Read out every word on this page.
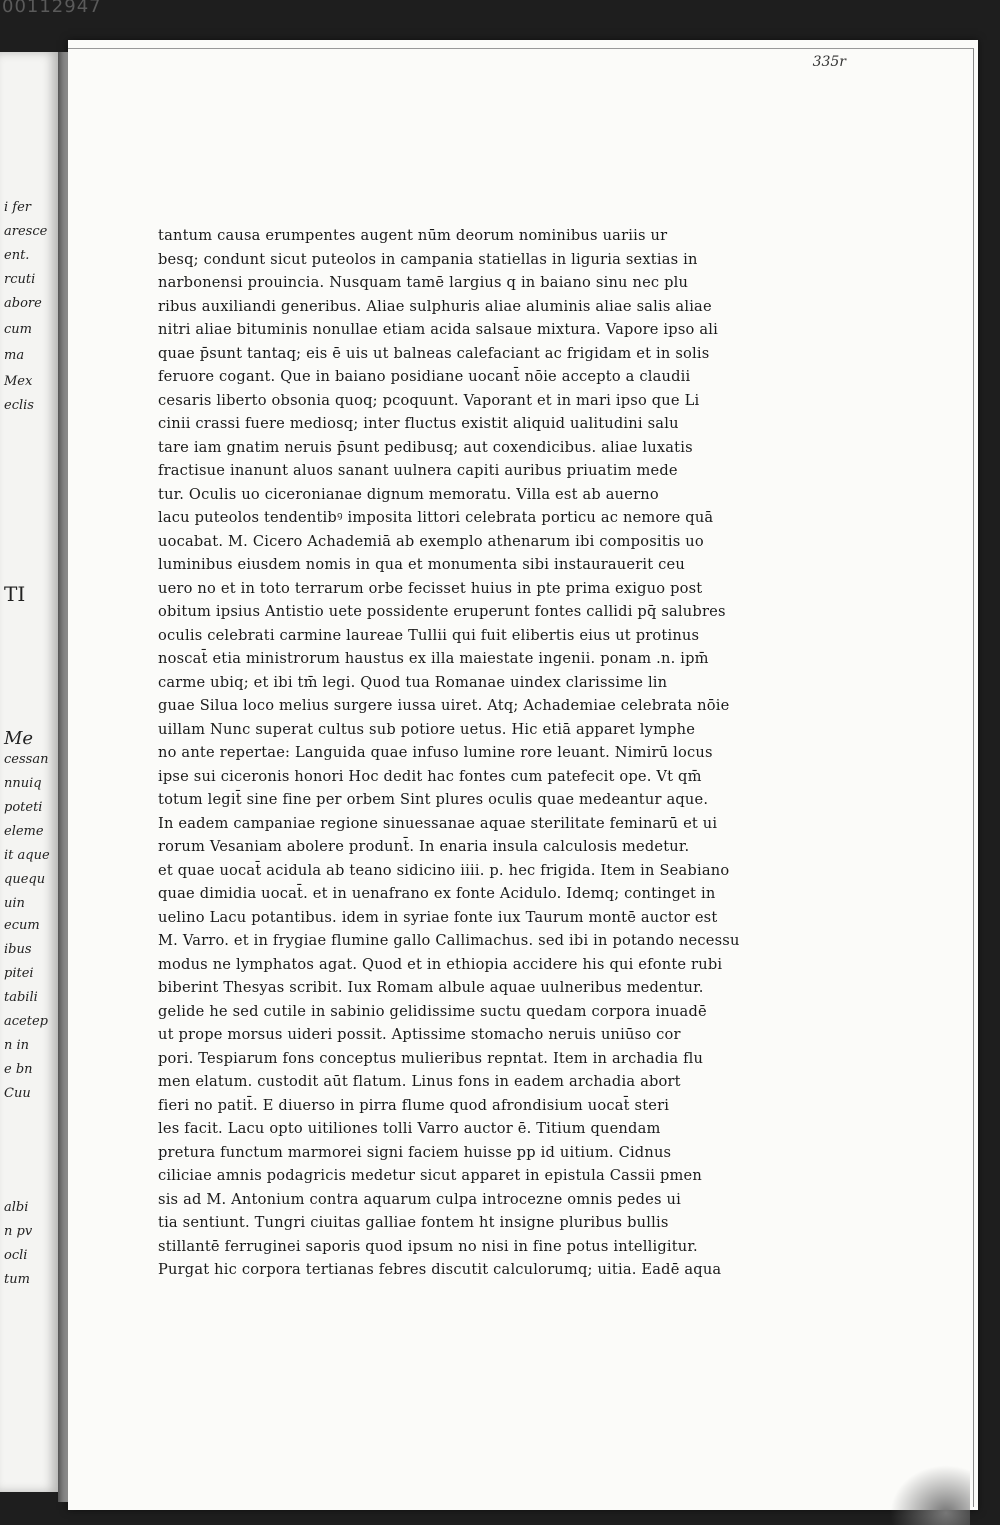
i fer
aresce
ent.
rcuti
abore
cum
ma
Mex
eclis
TI
Me
cessan
nnuiq
poteti
eleme
it aque
quequ
uin
ecum
ibus
pitei
tabili
acetep
n in
e bn
Cuu
albi
n pv
ocli
tum
00112947
335r
tantum causa erumpentes augent nūm deorum nominibus uariis ur
besq; condunt sicut puteolos in campania statiellas in liguria sextias in
narbonensi prouincia. Nusquam tamē largius q in baiano sinu nec plu
ribus auxiliandi generibus. Aliae sulphuris aliae aluminis aliae salis aliae
nitri aliae bituminis nonullae etiam acida salsaue mixtura. Vapore ipso ali
quae p̄sunt tantaq; eis ē uis ut balneas calefaciant ac frigidam et in solis
feruore cogant. Que in baiano posidiane uocant̄ nōie accepto a claudii
cesaris liberto obsonia quoq; pcoquunt. Vaporant et in mari ipso que Li
cinii crassi fuere mediosq; inter fluctus existit aliquid ualitudini salu
tare iam gnatim neruis p̄sunt pedibusq; aut coxendicibus. aliae luxatis
fractisue inanunt aluos sanant uulnera capiti auribus priuatim mede
tur. Oculis uo ciceronianae dignum memoratu. Villa est ab auerno
lacu puteolos tendentibꝰ imposita littori celebrata porticu ac nemore quā
uocabat. M. Cicero Achademiā ab exemplo athenarum ibi compositis uo
luminibus eiusdem nomis in qua et monumenta sibi instaurauerit ceu
uero no et in toto terrarum orbe fecisset huius in pte prima exiguo post
obitum ipsius Antistio uete possidente eruperunt fontes callidi pq̄ salubres
oculis celebrati carmine laureae Tullii qui fuit elibertis eius ut protinus
noscat̄ etia ministrorum haustus ex illa maiestate ingenii. ponam .n. ipm̄
carme ubiq; et ibi tm̄ legi. Quod tua Romanae uindex clarissime lin
guae Silua loco melius surgere iussa uiret. Atq; Achademiae celebrata nōie
uillam Nunc superat cultus sub potiore uetus. Hic etiā apparet lymphe
no ante repertae: Languida quae infuso lumine rore leuant. Nimirū locus
ipse sui ciceronis honori Hoc dedit hac fontes cum patefecit ope. Vt qm̄
totum legit̄ sine fine per orbem Sint plures oculis quae medeantur aque.
In eadem campaniae regione sinuessanae aquae sterilitate feminarū et ui
rorum Vesaniam abolere produnt̄. In enaria insula calculosis medetur.
et quae uocat̄ acidula ab teano sidicino iiii. p. hec frigida. Item in Seabiano
quae dimidia uocat̄. et in uenafrano ex fonte Acidulo. Idemq; continget in
uelino Lacu potantibus. idem in syriae fonte iux Taurum montē auctor est
M. Varro. et in frygiae flumine gallo Callimachus. sed ibi in potando necessu
modus ne lymphatos agat. Quod et in ethiopia accidere his qui efonte rubi
biberint Thesyas scribit. Iux Romam albule aquae uulneribus medentur.
gelide he sed cutile in sabinio gelidissime suctu quedam corpora inuadē
ut prope morsus uideri possit. Aptissime stomacho neruis uniūso cor
pori. Tespiarum fons conceptus mulieribus repntat. Item in archadia flu
men elatum. custodit aūt flatum. Linus fons in eadem archadia abort
fieri no patit̄. E diuerso in pirra flume quod afrondisium uocat̄ steri
les facit. Lacu opto uitiliones tolli Varro auctor ē. Titium quendam
pretura functum marmorei signi faciem huisse pp id uitium. Cidnus
ciliciae amnis podagricis medetur sicut apparet in epistula Cassii pmen
sis ad M. Antonium contra aquarum culpa introcezne omnis pedes ui
tia sentiunt. Tungri ciuitas galliae fontem ht insigne pluribus bullis
stillantē ferruginei saporis quod ipsum no nisi in fine potus intelligitur.
Purgat hic corpora tertianas febres discutit calculorumq; uitia. Eadē aqua
